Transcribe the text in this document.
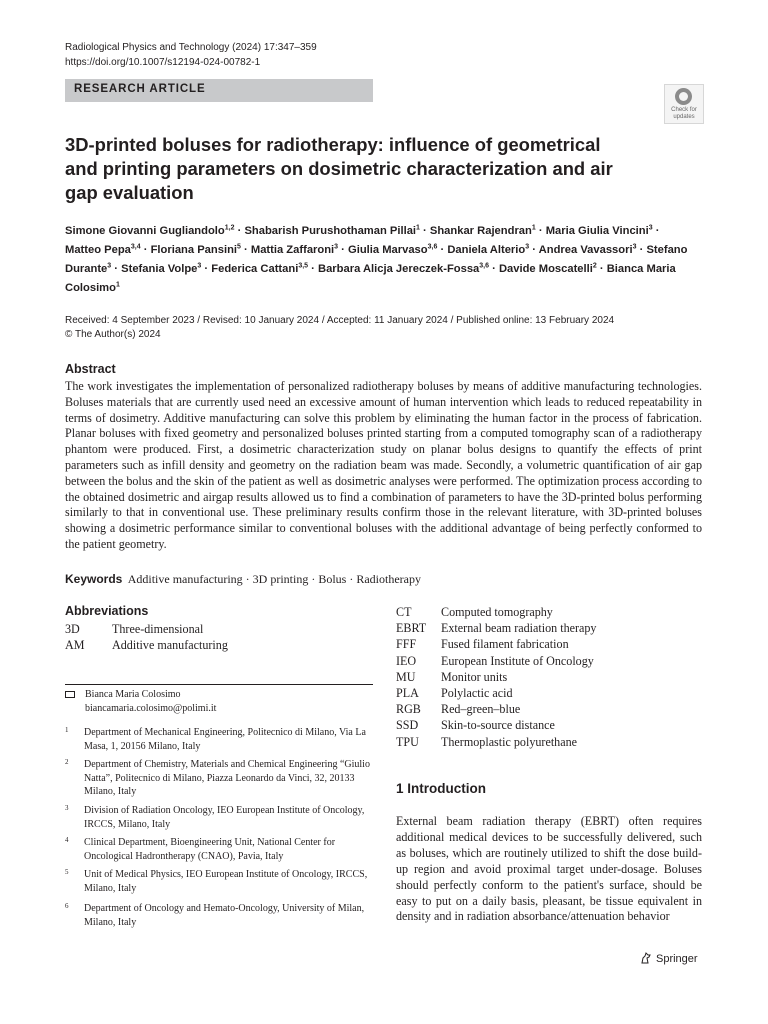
Radiological Physics and Technology (2024) 17:347–359
https://doi.org/10.1007/s12194-024-00782-1
RESEARCH ARTICLE
Check for
updates
3D-printed boluses for radiotherapy: influence of geometrical and printing parameters on dosimetric characterization and air gap evaluation
Simone Giovanni Gugliandolo$^{1,2}$ · Shabarish Purushothaman Pillai$^1$ · Shankar Rajendran$^1$ · Maria Giulia Vincini$^3$ · Matteo Pepa$^{3,4}$ · Floriana Pansini$^5$ · Mattia Zaffaroni$^3$ · Giulia Marvaso$^{3,6}$ · Daniela Alterio$^3$ · Andrea Vavassori$^3$ · Stefano Durante$^3$ · Stefania Volpe$^3$ · Federica Cattani$^{3,5}$ · Barbara Alicja Jereczek-Fossa$^{3,6}$ · Davide Moscatelli$^2$ · Bianca Maria Colosimo$^1$
Received: 4 September 2023 / Revised: 10 January 2024 / Accepted: 11 January 2024 / Published online: 13 February 2024
© The Author(s) 2024
Abstract
The work investigates the implementation of personalized radiotherapy boluses by means of additive manufacturing technologies. Boluses materials that are currently used need an excessive amount of human intervention which leads to reduced repeatability in terms of dosimetry. Additive manufacturing can solve this problem by eliminating the human factor in the process of fabrication. Planar boluses with fixed geometry and personalized boluses printed starting from a computed tomography scan of a radiotherapy phantom were produced. First, a dosimetric characterization study on planar bolus designs to quantify the effects of print parameters such as infill density and geometry on the radiation beam was made. Secondly, a volumetric quantification of air gap between the bolus and the skin of the patient as well as dosimetric analyses were performed. The optimization process according to the obtained dosimetric and airgap results allowed us to find a combination of parameters to have the 3D-printed bolus performing similarly to that in conventional use. These preliminary results confirm those in the relevant literature, with 3D-printed boluses showing a dosimetric performance similar to conventional boluses with the additional advantage of being perfectly conformed to the patient geometry.
Keywords Additive manufacturing · 3D printing · Bolus · Radiotherapy
Abbreviations
3D	Three-dimensional
AM Additive manufacturing
CT Computed tomography
EBRT External beam radiation therapy
FFF Fused filament fabrication
IEO European Institute of Oncology
MU Monitor units
PLA Polylactic acid
RGB Red–green–blue
SSD Skin-to-source distance
TPU Thermoplastic polyurethane
Bianca Maria Colosimo
biancamaria.colosimo@polimi.it
1 Department of Mechanical Engineering, Politecnico di Milano, Via La Masa, 1, 20156 Milano, Italy
2 Department of Chemistry, Materials and Chemical Engineering “Giulio Natta”, Politecnico di Milano, Piazza Leonardo da Vinci, 32, 20133 Milano, Italy
3 Division of Radiation Oncology, IEO European Institute of Oncology, IRCCS, Milano, Italy
4 Clinical Department, Bioengineering Unit, National Center for Oncological Hadrontherapy (CNAO), Pavia, Italy
5 Unit of Medical Physics, IEO European Institute of Oncology, IRCCS, Milano, Italy
6 Department of Oncology and Hemato-Oncology, University of Milan, Milano, Italy
1 Introduction
External beam radiation therapy (EBRT) often requires additional medical devices to be successfully delivered, such as boluses, which are routinely utilized to shift the dose build-up region and avoid proximal target under-dosage. Boluses should perfectly conform to the patient's surface, should be easy to put on a daily basis, pleasant, be tissue equivalent in density and in radiation absorbance/attenuation behavior
Springer
